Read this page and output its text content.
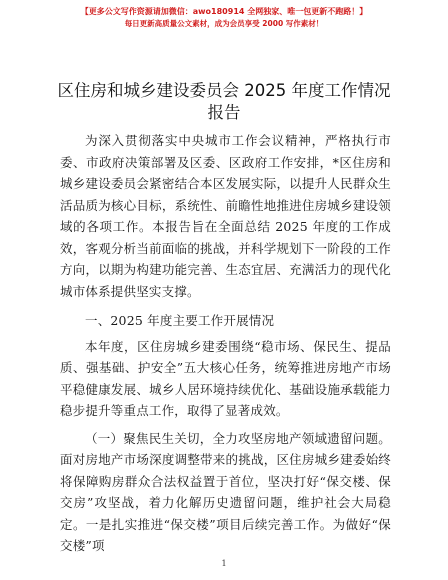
【更多公文写作资源请加微信：awo180914 全网独家、唯一包更新不跑路！】
每日更新高质量公文素材，成为会员享受 2000 写作素材！
区住房和城乡建设委员会 2025 年度工作情况报告

为深入贯彻落实中央城市工作会议精神，严格执行市委、市政府决策部署及区委、区政府工作安排，*区住房和城乡建设委员会紧密结合本区发展实际，以提升人民群众生活品质为核心目标，系统性、前瞻性地推进住房城乡建设领域的各项工作。本报告旨在全面总结 2025 年度的工作成效，客观分析当前面临的挑战，并科学规划下一阶段的工作方向，以期为构建功能完善、生态宜居、充满活力的现代化城市体系提供坚实支撑。

一、2025 年度主要工作开展情况

本年度，区住房城乡建委围绕“稳市场、保民生、提品质、强基础、护安全”五大核心任务，统筹推进房地产市场平稳健康发展、城乡人居环境持续优化、基础设施承载能力稳步提升等重点工作，取得了显著成效。

（一）聚焦民生关切，全力攻坚房地产领域遗留问题。面对房地产市场深度调整带来的挑战，区住房城乡建委始终将保障购房群众合法权益置于首位，坚决打好“保交楼、保交房”攻坚战，着力化解历史遗留问题，维护社会大局稳定。一是扎实推进“保交楼”项目后续完善工作。为做好“保交楼”项

1
